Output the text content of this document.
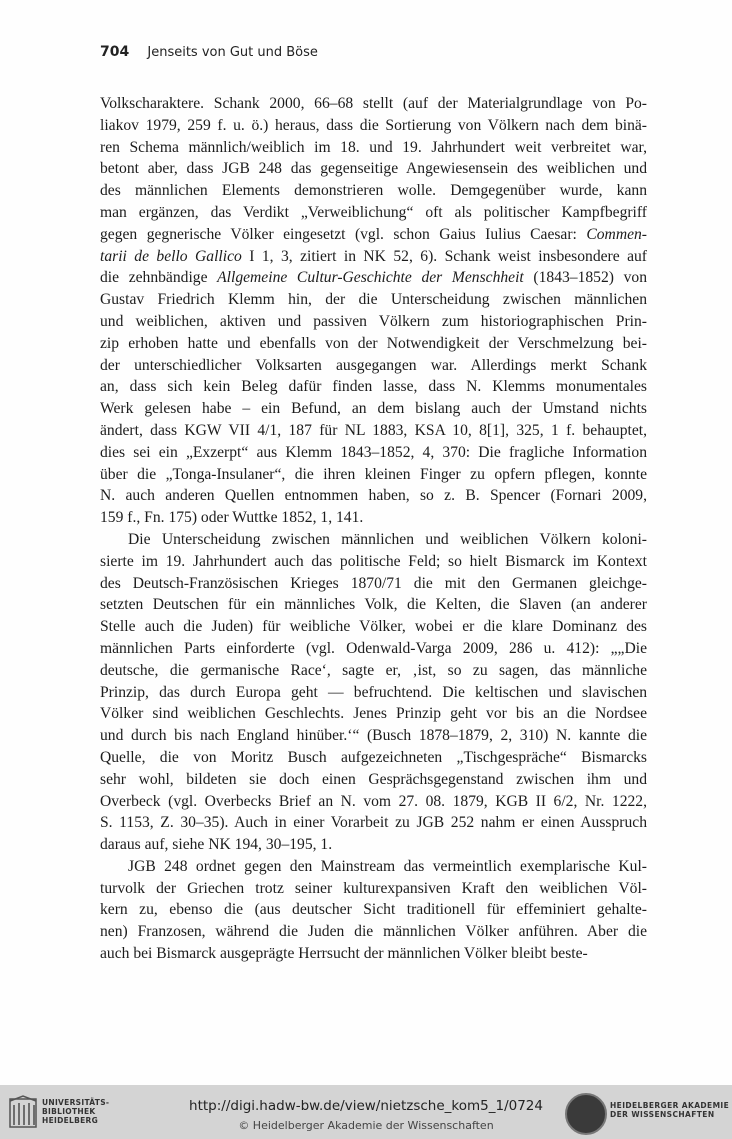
704 Jenseits von Gut und Böse
Volkscharaktere. Schank 2000, 66–68 stellt (auf der Materialgrundlage von Po-
liakov 1979, 259 f. u. ö.) heraus, dass die Sortierung von Völkern nach dem binä-
ren Schema männlich/weiblich im 18. und 19. Jahrhundert weit verbreitet war,
betont aber, dass JGB 248 das gegenseitige Angewiesensein des weiblichen und
des männlichen Elements demonstrieren wolle. Demgegenüber wurde, kann
man ergänzen, das Verdikt „Verweiblichung“ oft als politischer Kampfbegriff
gegen gegnerische Völker eingesetzt (vgl. schon Gaius Iulius Caesar: Commen-
tarii de bello Gallico I 1, 3, zitiert in NK 52, 6). Schank weist insbesondere auf
die zehnbändige Allgemeine Cultur-Geschichte der Menschheit (1843–1852) von
Gustav Friedrich Klemm hin, der die Unterscheidung zwischen männlichen
und weiblichen, aktiven und passiven Völkern zum historiographischen Prin-
zip erhoben hatte und ebenfalls von der Notwendigkeit der Verschmelzung bei-
der unterschiedlicher Volksarten ausgegangen war. Allerdings merkt Schank
an, dass sich kein Beleg dafür finden lasse, dass N. Klemms monumentales
Werk gelesen habe – ein Befund, an dem bislang auch der Umstand nichts
ändert, dass KGW VII 4/1, 187 für NL 1883, KSA 10, 8[1], 325, 1 f. behauptet,
dies sei ein „Exzerpt“ aus Klemm 1843–1852, 4, 370: Die fragliche Information
über die „Tonga-Insulaner“, die ihren kleinen Finger zu opfern pflegen, konnte
N. auch anderen Quellen entnommen haben, so z. B. Spencer (Fornari 2009,
159 f., Fn. 175) oder Wuttke 1852, 1, 141.
Die Unterscheidung zwischen männlichen und weiblichen Völkern koloni-
sierte im 19. Jahrhundert auch das politische Feld; so hielt Bismarck im Kontext
des Deutsch-Französischen Krieges 1870/71 die mit den Germanen gleichge-
setzten Deutschen für ein männliches Volk, die Kelten, die Slaven (an anderer
Stelle auch die Juden) für weibliche Völker, wobei er die klare Dominanz des
männlichen Parts einforderte (vgl. Odenwald-Varga 2009, 286 u. 412): „„Die
deutsche, die germanische Race‘, sagte er, ‚ist, so zu sagen, das männliche
Prinzip, das durch Europa geht — befruchtend. Die keltischen und slavischen
Völker sind weiblichen Geschlechts. Jenes Prinzip geht vor bis an die Nordsee
und durch bis nach England hinüber.‘“ (Busch 1878–1879, 2, 310) N. kannte die
Quelle, die von Moritz Busch aufgezeichneten „Tischgespräche“ Bismarcks
sehr wohl, bildeten sie doch einen Gesprächsgegenstand zwischen ihm und
Overbeck (vgl. Overbecks Brief an N. vom 27. 08. 1879, KGB II 6/2, Nr. 1222,
S. 1153, Z. 30–35). Auch in einer Vorarbeit zu JGB 252 nahm er einen Ausspruch
daraus auf, siehe NK 194, 30–195, 1.
JGB 248 ordnet gegen den Mainstream das vermeintlich exemplarische Kul-
turvolk der Griechen trotz seiner kulturexpansiven Kraft den weiblichen Völ-
kern zu, ebenso die (aus deutscher Sicht traditionell für effeminiert gehalte-
nen) Franzosen, während die Juden die männlichen Völker anführen. Aber die
auch bei Bismarck ausgeprägte Herrsucht der männlichen Völker bleibt beste-
UNIVERSITÄTS-
BIBLIOTHEK
HEIDELBERG
http://digi.hadw-bw.de/view/nietzsche_kom5_1/0724
© Heidelberger Akademie der Wissenschaften
HEIDELBERGER AKADEMIE
DER WISSENSCHAFTEN
